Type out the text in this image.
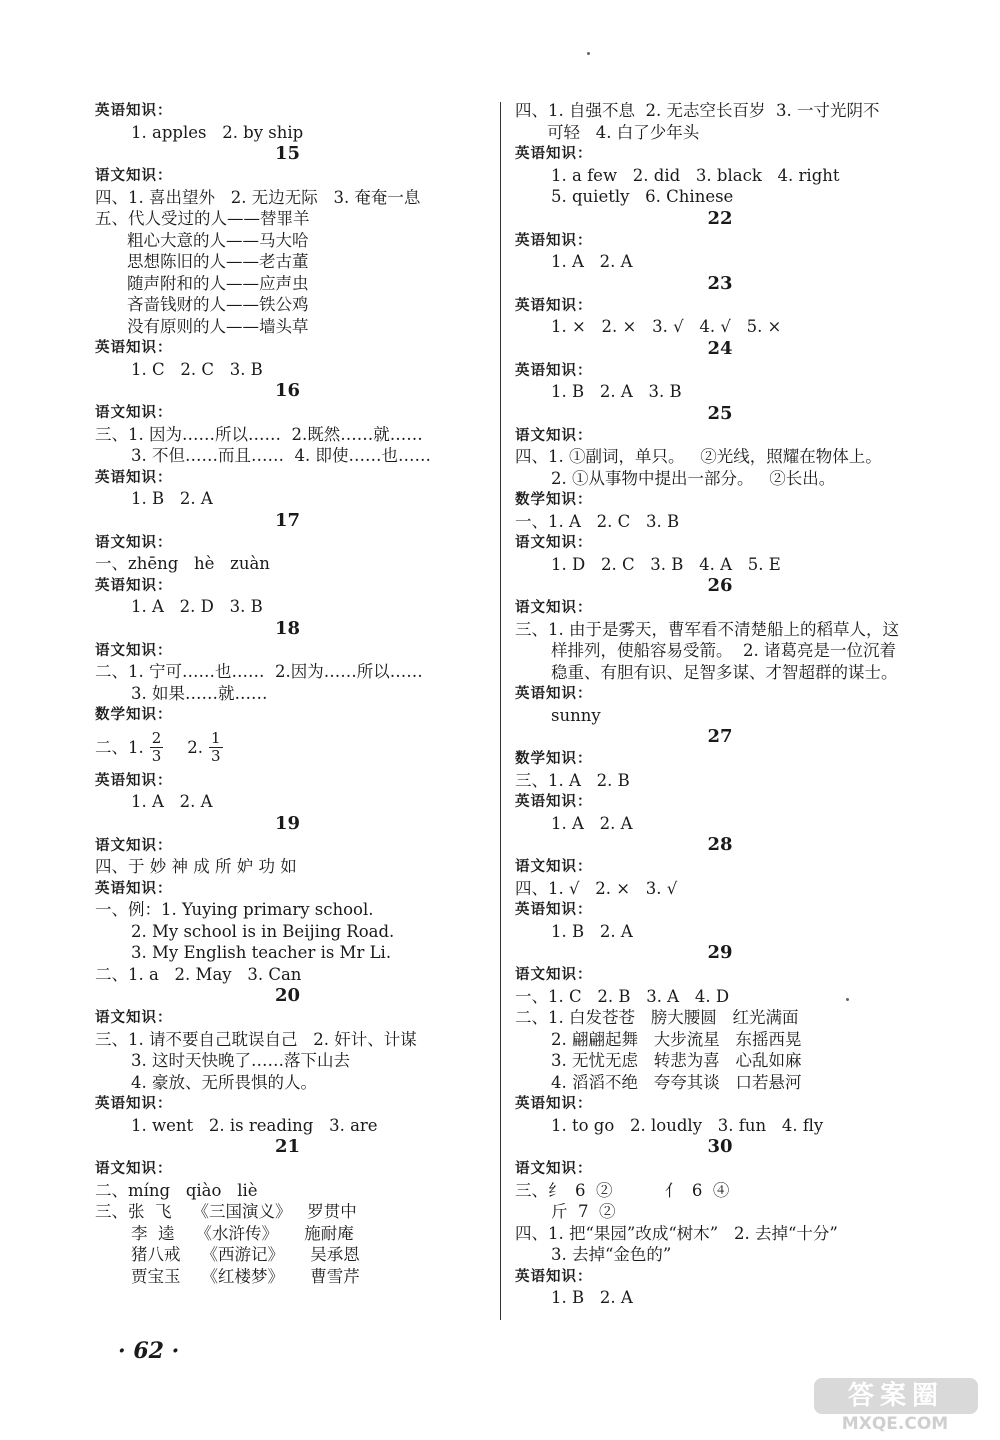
英语知识：
1. apples   2. by ship
15
语文知识：
四、1. 喜出望外   2. 无边无际   3. 奄奄一息
五、代人受过的人——替罪羊
粗心大意的人——马大哈
思想陈旧的人——老古董
随声附和的人——应声虫
吝啬钱财的人——铁公鸡
没有原则的人——墙头草
英语知识：
1. C   2. C   3. B
16
语文知识：
三、1. 因为……所以……  2.既然……就……
3. 不但……而且……  4. 即使……也……
英语知识：
1. B   2. A
17
语文知识：
一、zhēng   hè   zuàn
英语知识：
1. A   2. D   3. B
18
语文知识：
二、1. 宁可……也……  2.因为……所以……
3. 如果……就……
数学知识：
二、1. $\frac{2}{3} 2$. $\frac{1}{3}$
英语知识：
1. A   2. A
19
语文知识：
四、于 妙 神 成 所 妒 功 如
英语知识：
一、例：1. Yuying primary school.
2. My school is in Beijing Road.
3. My English teacher is Mr Li.
二、1. a   2. May   3. Can
20
语文知识：
三、1. 请不要自己耽误自己   2. 奸计、计谋
3. 这时天快晚了……落下山去
4. 豪放、无所畏惧的人。
英语知识：
1. went   2. is reading   3. are
21
语文知识：
二、míng   qiào   liè
三、张  飞    《三国演义》   罗贯中
李  逵    《水浒传》     施耐庵
猪八戒    《西游记》     吴承恩
贾宝玉    《红楼梦》     曹雪芹
四、1. 自强不息  2. 无志空长百岁  3. 一寸光阴不
可轻   4. 白了少年头
英语知识：
1. a few   2. did   3. black   4. right
5. quietly   6. Chinese
22
英语知识：
1. A   2. A
23
英语知识：
1. ×   2. ×   3. √   4. √   5. ×
24
英语知识：
1. B   2. A   3. B
25
语文知识：
四、1. ①副词，单只。   ②光线，照耀在物体上。
2. ①从事物中提出一部分。   ②长出。
数学知识：
一、1. A   2. C   3. B
语文知识：
1. D   2. C   3. B   4. A   5. E
26
语文知识：
三、1. 由于是雾天，曹军看不清楚船上的稻草人，这
样排列，使船容易受箭。  2. 诸葛亮是一位沉着
稳重、有胆有识、足智多谋、才智超群的谋士。
英语知识：
sunny
27
数学知识：
三、1. A   2. B
英语知识：
1. A   2. A
28
语文知识：
四、1. √   2. ×   3. √
英语知识：
1. B   2. A
29
语文知识：
一、1. C   2. B   3. A   4. D
二、1. 白发苍苍   膀大腰圆   红光满面
2. 翩翩起舞   大步流星   东摇西晃
3. 无忧无虑   转悲为喜   心乱如麻
4. 滔滔不绝   夸夸其谈   口若悬河
英语知识：
1. to go   2. loudly   3. fun   4. fly
30
语文知识：
三、纟  6  ②          亻  6  ④
斤  7  ②
四、1. 把“果园”改成“树木”   2. 去掉“十分”
3. 去掉“金色的”
英语知识：
1. B   2. A
· 62 ·
答案圈
MXQE.COM
